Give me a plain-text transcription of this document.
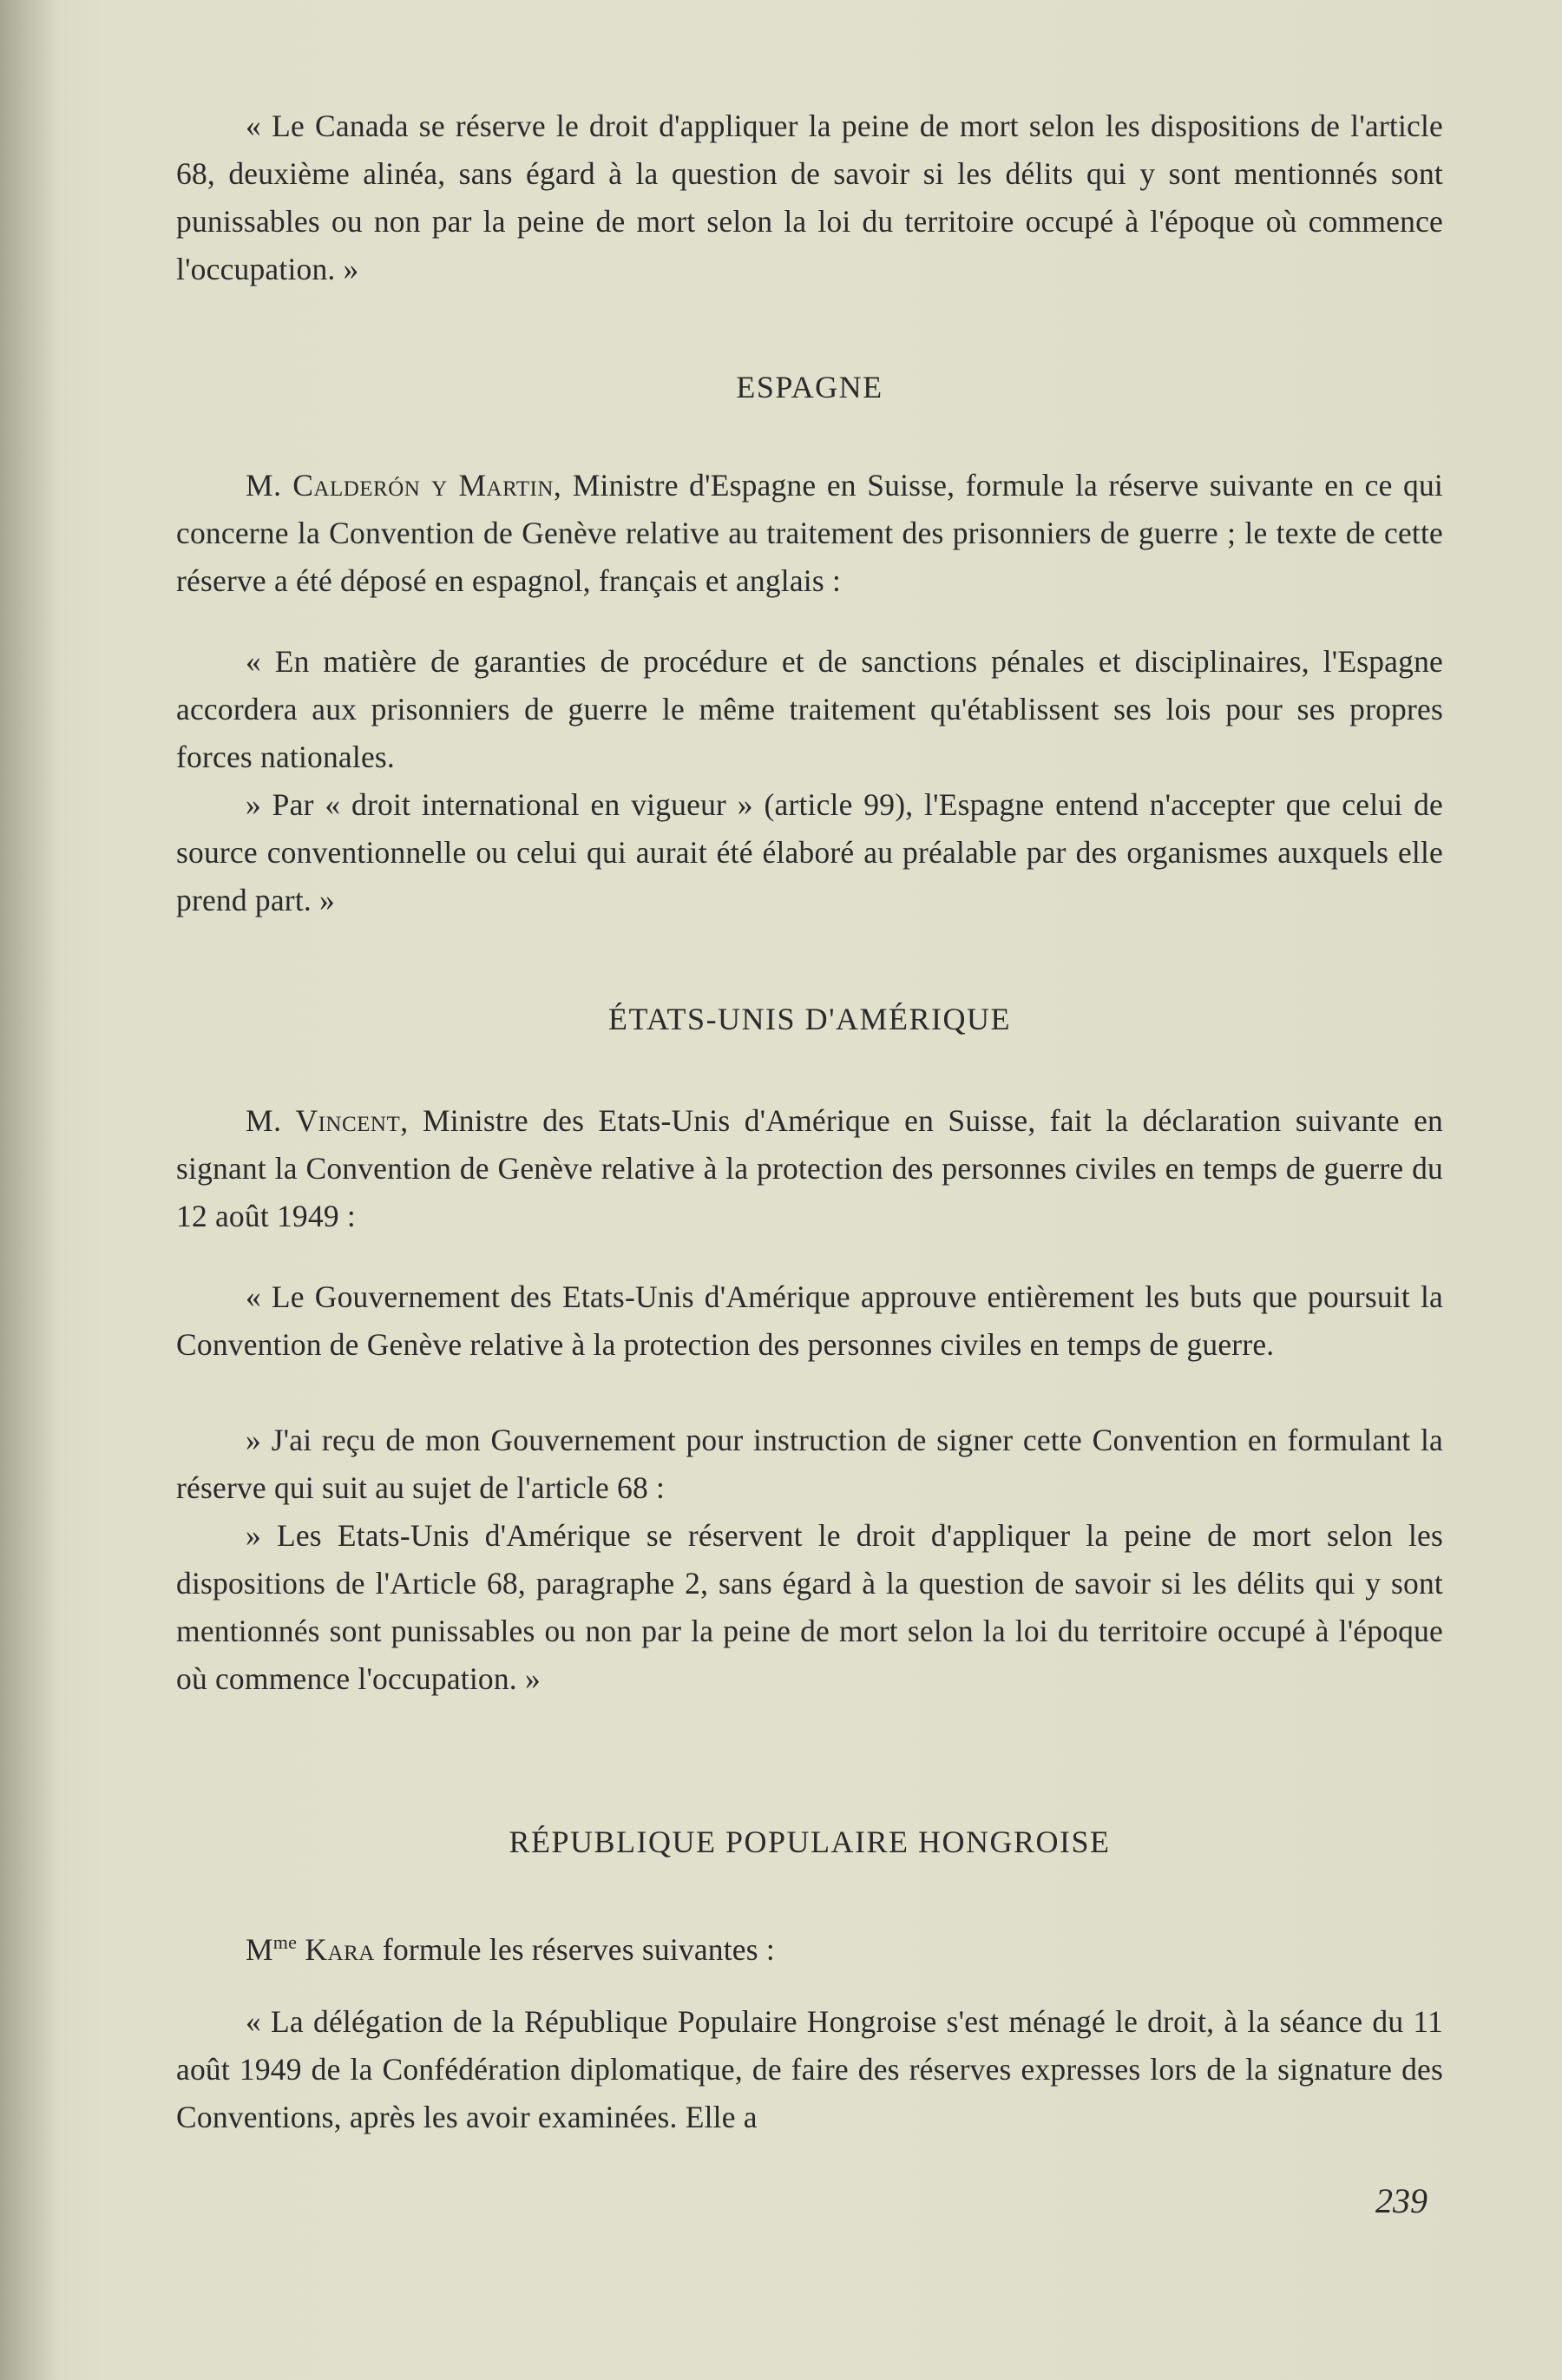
« Le Canada se réserve le droit d'appliquer la peine de mort selon les dispositions de l'article 68, deuxième alinéa, sans égard à la question de savoir si les délits qui y sont mentionnés sont punissables ou non par la peine de mort selon la loi du territoire occupé à l'époque où commence l'occupation. »
ESPAGNE
M. Calderón y Martin, Ministre d'Espagne en Suisse, formule la réserve suivante en ce qui concerne la Convention de Genève relative au traitement des prisonniers de guerre ; le texte de cette réserve a été déposé en espagnol, français et anglais :
« En matière de garanties de procédure et de sanctions pénales et disciplinaires, l'Espagne accordera aux prisonniers de guerre le même traitement qu'établissent ses lois pour ses propres forces nationales.
» Par « droit international en vigueur » (article 99), l'Espagne entend n'accepter que celui de source conventionnelle ou celui qui aurait été élaboré au préalable par des organismes auxquels elle prend part. »
ÉTATS-UNIS D'AMÉRIQUE
M. Vincent, Ministre des Etats-Unis d'Amérique en Suisse, fait la déclaration suivante en signant la Convention de Genève relative à la protection des personnes civiles en temps de guerre du 12 août 1949 :
« Le Gouvernement des Etats-Unis d'Amérique approuve entièrement les buts que poursuit la Convention de Genève relative à la protection des personnes civiles en temps de guerre.
» J'ai reçu de mon Gouvernement pour instruction de signer cette Convention en formulant la réserve qui suit au sujet de l'article 68 :
» Les Etats-Unis d'Amérique se réservent le droit d'appliquer la peine de mort selon les dispositions de l'Article 68, paragraphe 2, sans égard à la question de savoir si les délits qui y sont mentionnés sont punissables ou non par la peine de mort selon la loi du territoire occupé à l'époque où commence l'occupation. »
RÉPUBLIQUE POPULAIRE HONGROISE
$M^{me}$ Kara formule les réserves suivantes :
« La délégation de la République Populaire Hongroise s'est ménagé le droit, à la séance du 11 août 1949 de la Confédération diplomatique, de faire des réserves expresses lors de la signature des Conventions, après les avoir examinées. Elle a
239
